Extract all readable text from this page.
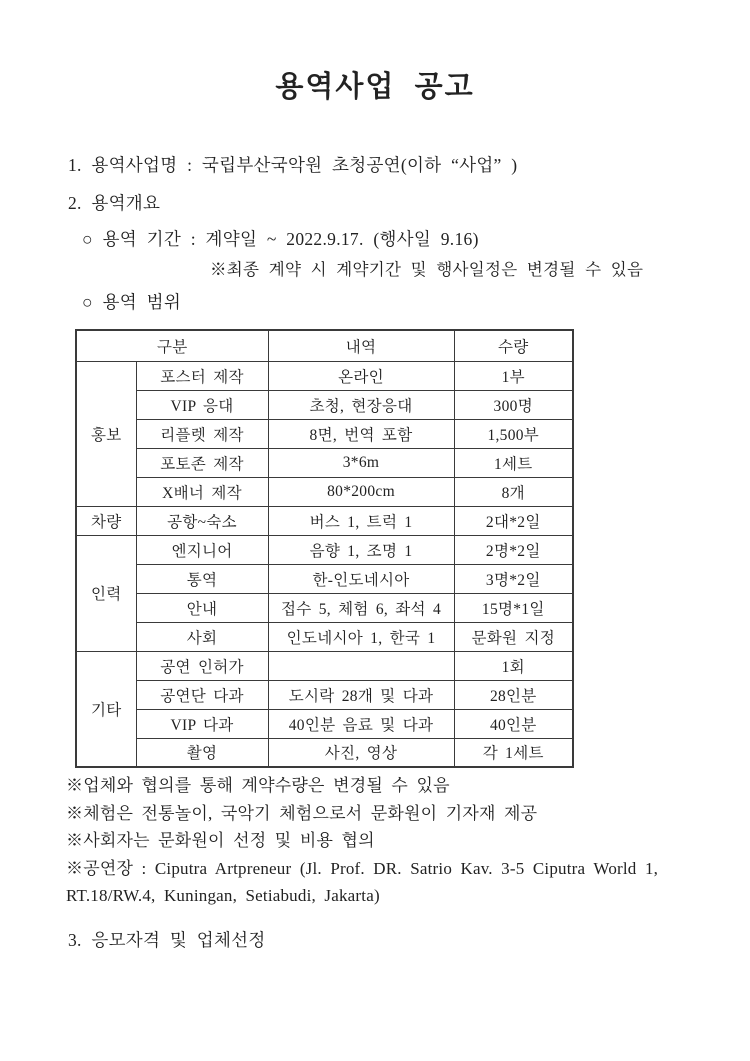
용역사업 공고
1. 용역사업명 : 국립부산국악원 초청공연(이하 “사업” )
2. 용역개요
○ 용역 기간 : 계약일 ~ 2022.9.17. (행사일 9.16)
※최종 계약 시 계약기간 및 행사일정은 변경될 수 있음
○ 용역 범위
구분		내역	수량
홍보	포스터 제작	온라인	1부
	VIP 응대	초청, 현장응대	300명
	리플렛 제작	8면, 번역 포함	1,500부
	포토존 제작	3*6m	1세트
	X배너 제작	80*200cm	8개
차량	공항~숙소	버스 1, 트럭 1	2대*2일
인력	엔지니어	음향 1, 조명 1	2명*2일
	통역	한-인도네시아	3명*2일
	안내	접수 5, 체험 6, 좌석 4	15명*1일
	사회	인도네시아 1, 한국 1	문화원 지정
기타	공연 인허가		1회
	공연단 다과	도시락 28개 및 다과	28인분
	VIP 다과	40인분 음료 및 다과	40인분
	촬영	사진, 영상	각 1세트
※업체와 협의를 통해 계약수량은 변경될 수 있음
※체험은 전통놀이, 국악기 체험으로서 문화원이 기자재 제공
※사회자는 문화원이 선정 및 비용 협의
※공연장 : Ciputra Artpreneur (Jl. Prof. DR. Satrio Kav. 3-5 Ciputra World 1, RT.18/RW.4, Kuningan, Setiabudi, Jakarta)
3. 응모자격 및 업체선정
